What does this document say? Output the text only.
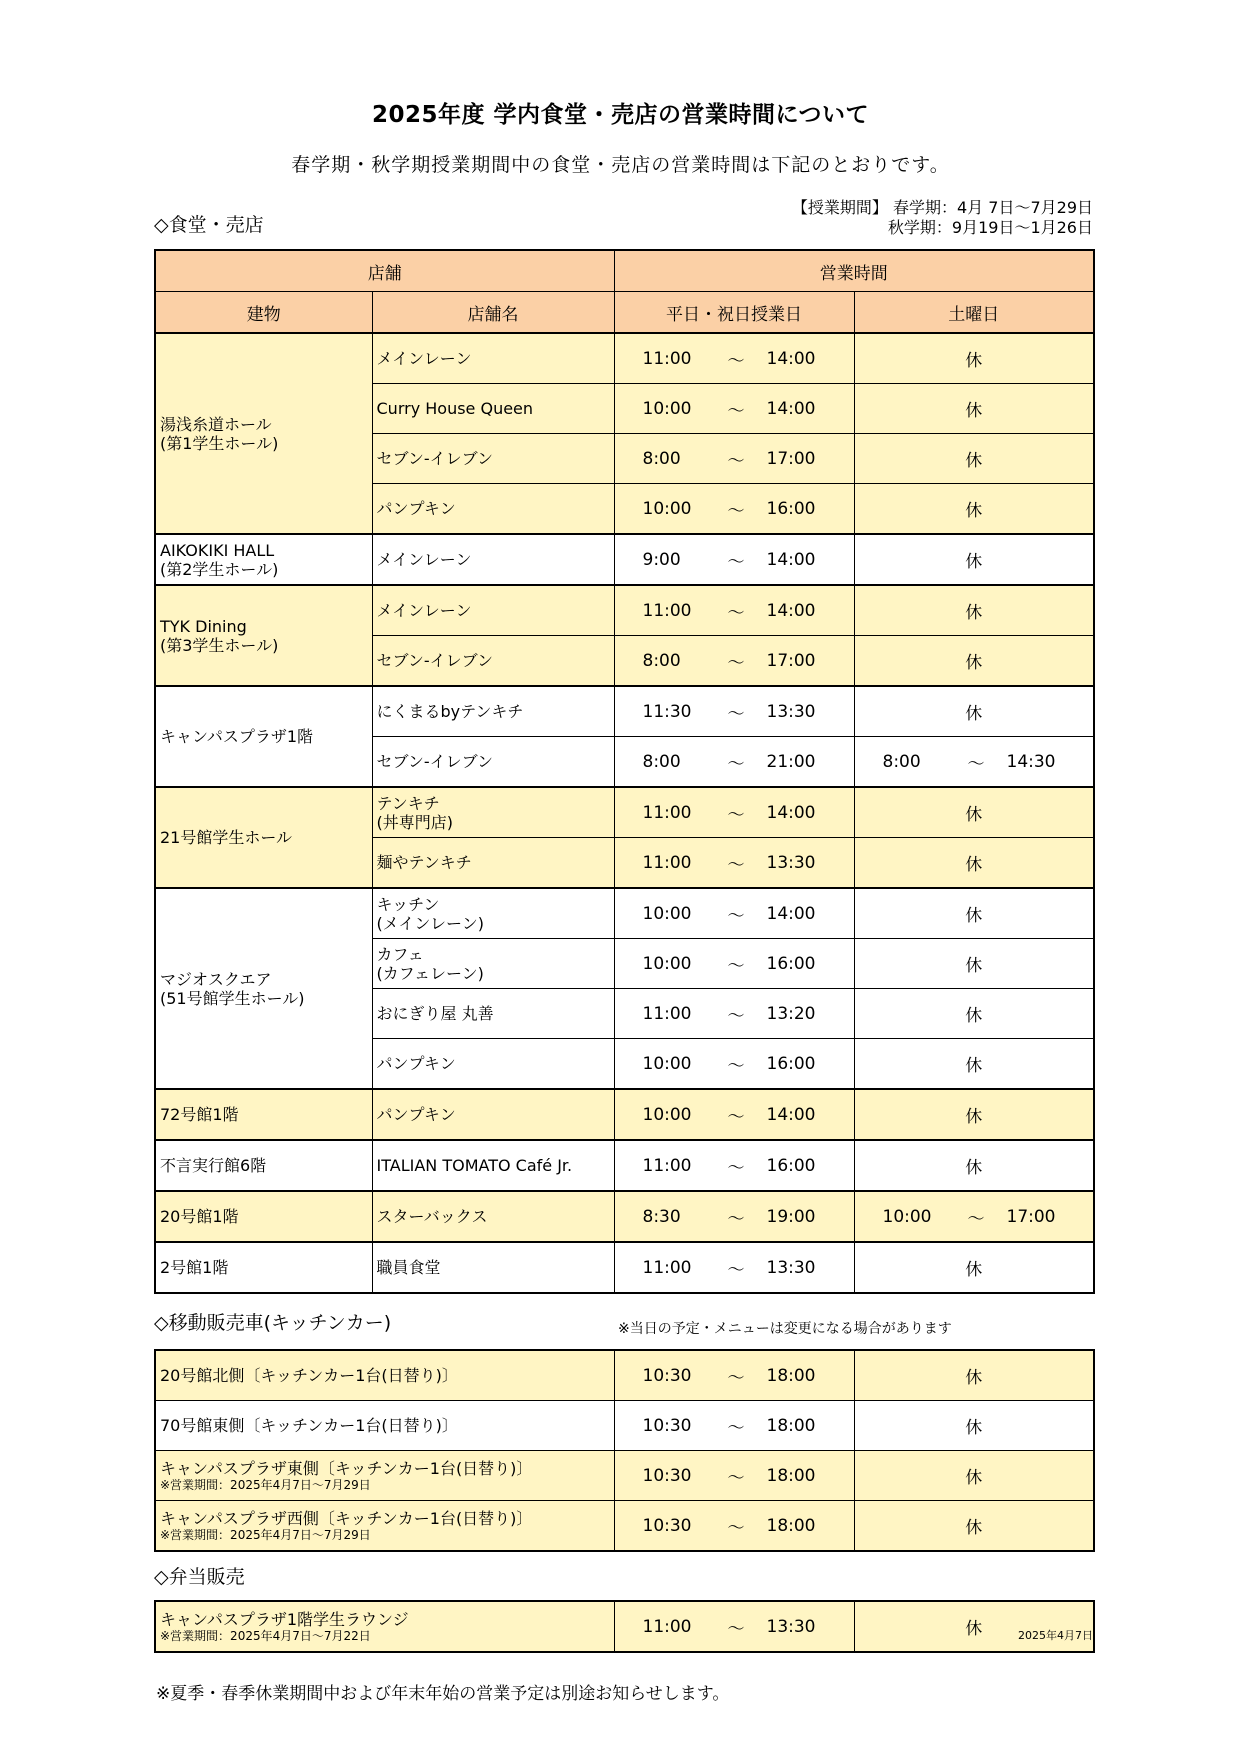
2025年度 学内食堂・売店の営業時間について
春学期・秋学期授業期間中の食堂・売店の営業時間は下記のとおりです。
◇食堂・売店
【授業期間】 春学期：4月 7日～7月29日
秋学期：9月19日～1月26日
店舗		営業時間	
建物	店舗名	平日・祝日授業日	土曜日

湯浅糸道ホール
(第1学生ホール)	メインレーン	11:00 ～ 14:00	休

	Curry House Queen	10:00 ～ 14:00	休

	セブン-イレブン	8:00 ～ 17:00	休

	パンプキン	10:00 ～ 16:00	休

AIKOKIKI HALL
(第2学生ホール)	メインレーン	9:00 ～ 14:00	休

TYK Dining
(第3学生ホール)	メインレーン	11:00 ～ 14:00	休

	セブン-イレブン	8:00 ～ 17:00	休

キャンパスプラザ1階	にくまるbyテンキチ	11:30 ～ 13:30	休

	セブン-イレブン	8:00 ～ 21:00	8:00 ～ 14:30

21号館学生ホール	テンキチ
(丼専門店)	11:00 ～ 14:00	休

	麺やテンキチ	11:00 ～ 13:30	休

マジオスクエア
(51号館学生ホール)	キッチン
(メインレーン)	10:00 ～ 14:00	休

	カフェ
(カフェレーン)	10:00 ～ 16:00	休

	おにぎり屋 丸善	11:00 ～ 13:20	休

	パンプキン	10:00 ～ 16:00	休

72号館1階	パンプキン	10:00 ～ 14:00	休

不言実行館6階	ITALIAN TOMATO Café Jr.	11:00 ～ 16:00	休

20号館1階	スターバックス	8:30 ～ 19:00	10:00 ～ 17:00

2号館1階	職員食堂	11:00 ～ 13:30	休
◇移動販売車(キッチンカー)	※当日の予定・メニューは変更になる場合があります
20号館北側〔キッチンカー1台(日替り)〕	10:30 ～ 18:00	休

70号館東側〔キッチンカー1台(日替り)〕	10:30 ～ 18:00	休

キャンパスプラザ東側〔キッチンカー1台(日替り)〕
※営業期間：2025年4月7日～7月29日	10:30 ～ 18:00	休

キャンパスプラザ西側〔キッチンカー1台(日替り)〕
※営業期間：2025年4月7日～7月29日	10:30 ～ 18:00	休
◇弁当販売
キャンパスプラザ1階学生ラウンジ
※営業期間：2025年4月7日～7月22日	11:00 ～ 13:30	休	2025年4月7日
※夏季・春季休業期間中および年末年始の営業予定は別途お知らせします。
